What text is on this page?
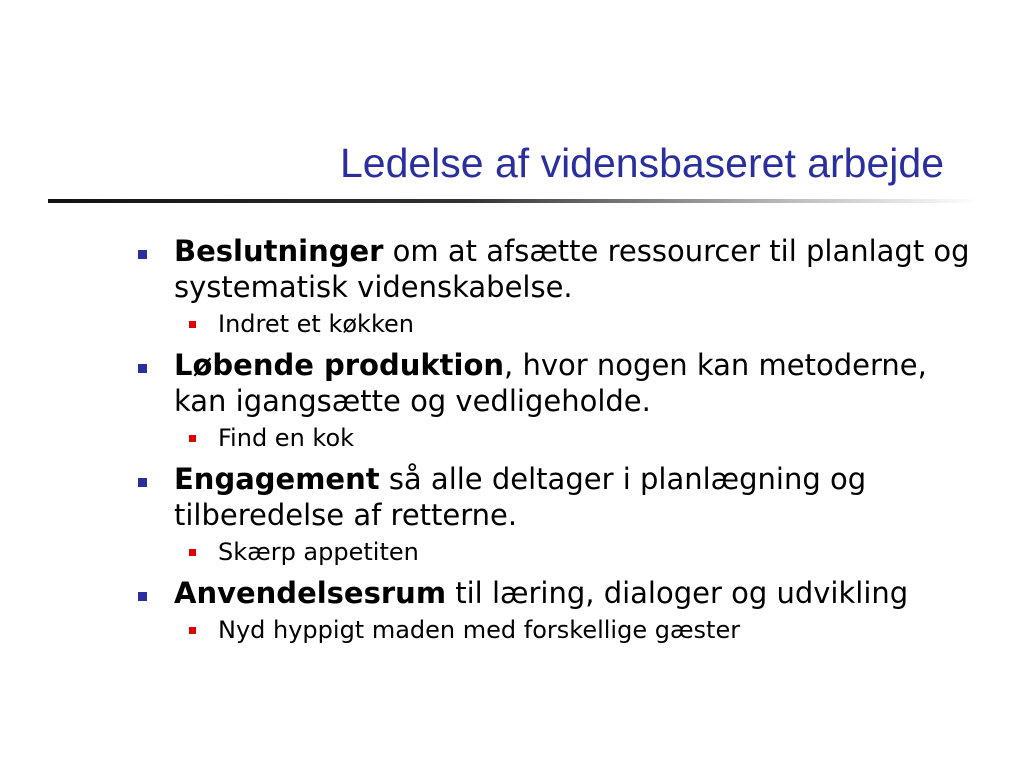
Ledelse af vidensbaseret arbejde
Beslutninger om at afsætte ressourcer til planlagt og systematisk videnskabelse.
Indret et køkken
Løbende produktion, hvor nogen kan metoderne, kan igangsætte og vedligeholde.
Find en kok
Engagement så alle deltager i planlægning og tilberedelse af retterne.
Skærp appetiten
Anvendelsesrum til læring, dialoger og udvikling
Nyd hyppigt maden med forskellige gæster
